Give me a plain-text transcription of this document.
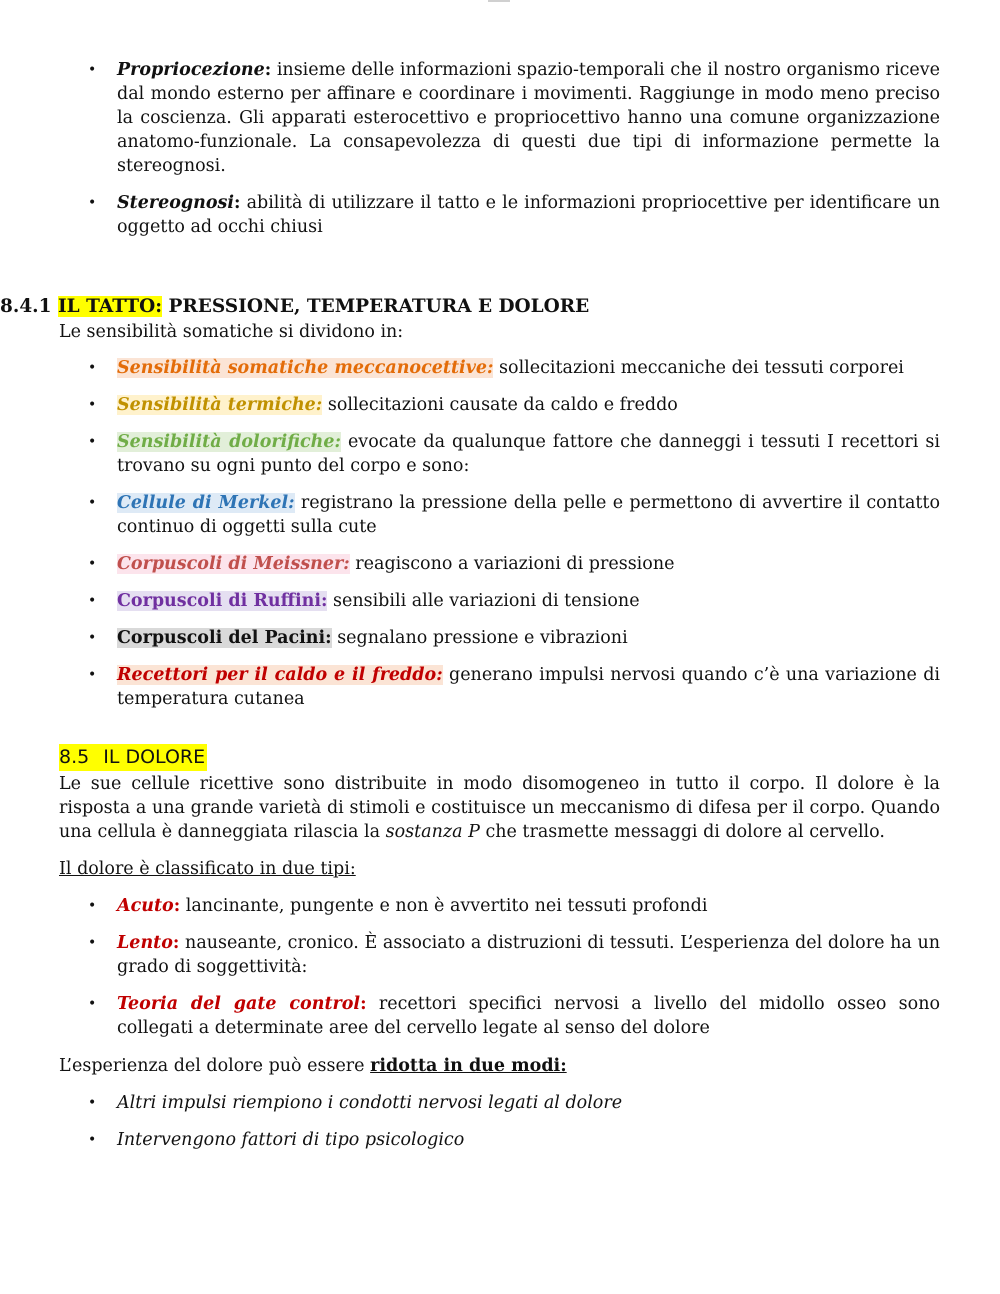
• Propriocezione: insieme delle informazioni spazio-temporali che il nostro organismo riceve dal mondo esterno per affinare e coordinare i movimenti. Raggiunge in modo meno preciso la coscienza. Gli apparati esterocettivo e propriocettivo hanno una comune organizzazione anatomo-funzionale. La consapevolezza di questi due tipi di informazione permette la stereognosi.
• Stereognosi: abilità di utilizzare il tatto e le informazioni propriocettive per identificare un oggetto ad occhi chiusi
8.4.1 IL TATTO: PRESSIONE, TEMPERATURA E DOLORE

Le sensibilità somatiche si dividono in:

• Sensibilità somatiche meccanocettive: sollecitazioni meccaniche dei tessuti corporei
• Sensibilità termiche: sollecitazioni causate da caldo e freddo
• Sensibilità dolorifiche: evocate da qualunque fattore che danneggi i tessuti I recettori si trovano su ogni punto del corpo e sono:
• Cellule di Merkel: registrano la pressione della pelle e permettono di avvertire il contatto continuo di oggetti sulla cute
• Corpuscoli di Meissner: reagiscono a variazioni di pressione
• Corpuscoli di Ruffini: sensibili alle variazioni di tensione
• Corpuscoli del Pacini: segnalano pressione e vibrazioni
• Recettori per il caldo e il freddo: generano impulsi nervosi quando c’è una variazione di temperatura cutanea
8.5 IL DOLORE

Le sue cellule ricettive sono distribuite in modo disomogeneo in tutto il corpo. Il dolore è la risposta a una grande varietà di stimoli e costituisce un meccanismo di difesa per il corpo. Quando una cellula è danneggiata rilascia la sostanza P che trasmette messaggi di dolore al cervello.

Il dolore è classificato in due tipi:

• Acuto: lancinante, pungente e non è avvertito nei tessuti profondi
• Lento: nauseante, cronico. È associato a distruzioni di tessuti. L’esperienza del dolore ha un grado di soggettività:
• Teoria del gate control: recettori specifici nervosi a livello del midollo osseo sono collegati a determinate aree del cervello legate al senso del dolore

L’esperienza del dolore può essere ridotta in due modi:

• Altri impulsi riempiono i condotti nervosi legati al dolore
• Intervengono fattori di tipo psicologico
